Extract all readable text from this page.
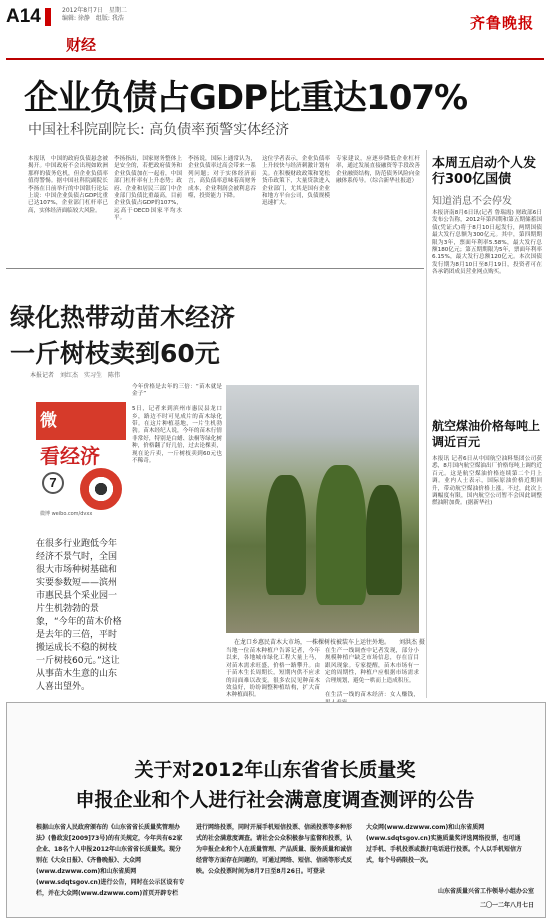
A14	2012年8月7日　星期二
编辑: 徐静　组版: 我浩
财经
齐鲁晚报
企业负债占GDP比重达107%
中国社科院副院长: 高负债率预警实体经济
本报讯　中国的政府负债悬念被揭开。中国政府不会出现如欧洲那样的债务危机，但企业负债率值得警惕。据中国社科院副院长李扬在日前举行的中国银行论坛上说：中国企业负债占GDP比重已达107%，企业部门杠杆率已高，实体经济面临较大风险。
李扬指出，国家财务整体上是安全的，若把政府债务和企业负债加在一起看，中国部门杠杆率有上升态势；政府、企业和居民三部门中企业部门负债比重最高，目前企业负债占GDP的107%，远高于OECD国家平均水平。
李扬说，国际上通常认为，企业负债率过高会带来一系列问题；对于实体经济而言，高负债率意味着高财务成本，企业利润会被利息吞噬，投资能力下降。
这位学者表示，企业负债率上升较快与经济刺激计划有关。在积极财政政策和宽松货币政策下，大量贷款进入企业部门，尤其是国有企业和地方平台公司，负债规模迅速扩大。
专家建议，应逐步降低企业杠杆率，通过发展直接融资等手段改善企业融资结构，防范债务风险向金融体系传导。（综合新华社报道）
本周五启动个人发行300亿国债
知道消息不会停发
本报济南8月6日讯(记者 鲁瑞霞) 财政部6日发布公告称，2012年第四期和第五期储蓄国债(凭证式)将于8月10日起发行，两期国债最大发行总额为300亿元。其中，第四期期限为3年，票面年利率5.58%，最大发行总额180亿元；第五期期限为5年，票面年利率6.15%，最大发行总额120亿元。本次国债发行期为8月10日至8月19日，投资者可在各承销团成员营业网点购买。
航空煤油价格每吨上调近百元
本报讯 记者6日从中国航空油料集团公司获悉，8月国内航空煤油出厂价格每吨上调约近百元。这是航空煤油价格连续第二个月上调。业内人士表示，国际原油价格近期回升，带动航空煤油价格上涨。不过，此次上调幅度有限，国内航空公司暂不会因此调整燃油附加费。(据新华社)
绿化热带动苗木经济
一斤树枝卖到60元
本报记者　刘红杰　实习生　陈伟
微
看经济
7
微博 weibo.com/dvxx
在很多行业跑低今年经济不景气时，全国很大市场种树基础和实要参数短——滨州市惠民县个采业园一片生机勃勃的景象，“今年的苗木价格是去年的三倍，平时搬运成长不稳的树枝一斤树枝60元。”这让从事苗木生意的山东人喜出望外。
今年价格是去年的三倍：“苗木就是金子”

5日，记者来到滨州市惠民县龙口乡，路边不时可见成片的苗木绿化带。在这片种植基地，一片生机勃勃。苗木经纪人说，今年的苗木行情非常好，特别是白蜡、法桐等绿化树种，价格翻了好几倍，过去论棵卖，现在论斤卖，一斤树枝卖到60元也不稀奇。
在龙口乡惠民苗木大市场，一株棵树枝被装车上运往外地。　　刘洪杰 摄
当地一位苗木种植户告诉记者，今年以来，各地城市绿化工程大量上马，对苗木需求旺盛，价格一路攀升。由于苗木生长周期长，短期内供不应求的局面难以改变。很多农民见种苗木效益好，纷纷调整种植结构，扩大苗木种植面积。
在生产一线调查中记者发现，部分小规模种植户缺乏市场信息，存在盲目跟风现象。专家提醒，苗木市场有一定的周期性，种植户应根据市场需求合理规划，避免一哄而上造成积压。

在生活一线的苗木经济：女人赚钱，
关于对2012年山东省省长质量奖
申报企业和个人进行社会满意度调查测评的公告
根据山东省人民政府颁布的《山东省省长质量奖管理办法》(鲁政发[2009]73号)的有关规定，今年共有62家企业、18名个人申报2012年山东省省长质量奖。现分别在《大众日报》、《齐鲁晚报》、大众网(www.dzwww.com)和山东省质网(www.sdqtsgov.cn)进行公告，同时在公示区设有专栏，并在大众网(www.dzwww.com)首页开辟专栏
进行网络投票，同时开展手机短信投票、信函投票等多种形式的社会满意度调查。请社会公众积极参与监督和投票，认为申报企业和个人在质量管理、产品质量、服务质量和诚信经营等方面存在问题的，可通过网络、短信、信函等形式反映。公众投票时间为8月7日至8月26日。可登录
大众网(www.dzwww.com)和山东省质网(www.sdqtsgov.cn)实施质量奖评选网络投票，也可通过手机、手机投票或拨打电话进行投票。个人以手机短信方式，每个号码限投一次。
山东省质量兴省工作领导小组办公室
二〇一二年八月七日
